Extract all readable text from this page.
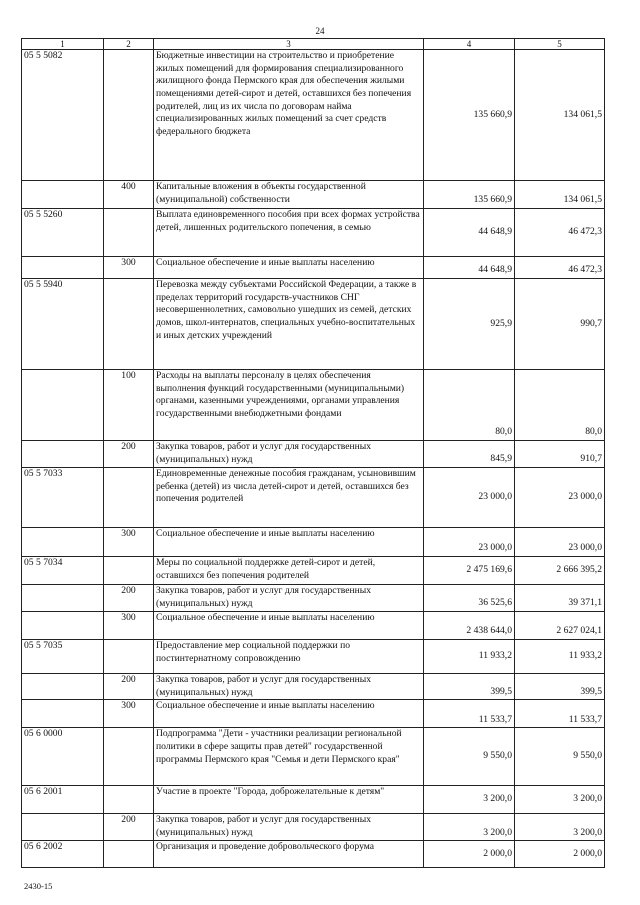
24
1	2	3	4	5
05 5 5082		Бюджетные инвестиции на строительство и приобретение жилых помещений для формирования специализированного жилищного фонда Пермского края для обеспечения жилыми помещениями детей-сирот и детей, оставшихся без попечения родителей, лиц из их числа по договорам найма специализированных жилых помещений за счет средств федерального бюджета	135 660,9	134 061,5
	400	Капитальные вложения в объекты государственной (муниципальной) собственности	135 660,9	134 061,5
05 5 5260		Выплата единовременного пособия при всех формах устройства детей, лишенных родительского попечения, в семью	44 648,9	46 472,3
	300	Социальное обеспечение и иные выплаты населению	44 648,9	46 472,3
05 5 5940		Перевозка между субъектами Российской Федерации, а также в пределах территорий государств-участников СНГ несовершеннолетних, самовольно ушедших из семей, детских домов, школ-интернатов, специальных учебно-воспитательных и иных детских учреждений	925,9	990,7
	100	Расходы на выплаты персоналу в целях обеспечения выполнения функций государственными (муниципальными) органами, казенными учреждениями, органами управления государственными внебюджетными фондами	80,0	80,0
	200	Закупка товаров, работ и услуг для государственных (муниципальных) нужд	845,9	910,7
05 5 7033		Единовременные денежные пособия гражданам, усыновившим ребенка (детей) из числа детей-сирот и детей, оставшихся без попечения родителей	23 000,0	23 000,0
	300	Социальное обеспечение и иные выплаты населению	23 000,0	23 000,0
05 5 7034		Меры по социальной поддержке детей-сирот и детей, оставшихся без попечения родителей	2 475 169,6	2 666 395,2
	200	Закупка товаров, работ и услуг для государственных (муниципальных) нужд	36 525,6	39 371,1
	300	Социальное обеспечение и иные выплаты населению	2 438 644,0	2 627 024,1
05 5 7035		Предоставление мер социальной поддержки по постинтернатному сопровождению	11 933,2	11 933,2
	200	Закупка товаров, работ и услуг для государственных (муниципальных) нужд	399,5	399,5
	300	Социальное обеспечение и иные выплаты населению	11 533,7	11 533,7
05 6 0000		Подпрограмма "Дети - участники реализации региональной политики в сфере защиты прав детей" государственной программы Пермского края "Семья и дети Пермского края"	9 550,0	9 550,0
05 6 2001		Участие в проекте "Города, доброжелательные к детям"	3 200,0	3 200,0
	200	Закупка товаров, работ и услуг для государственных (муниципальных) нужд	3 200,0	3 200,0
05 6 2002		Организация и проведение добровольческого форума	2 000,0	2 000,0
2430-15
